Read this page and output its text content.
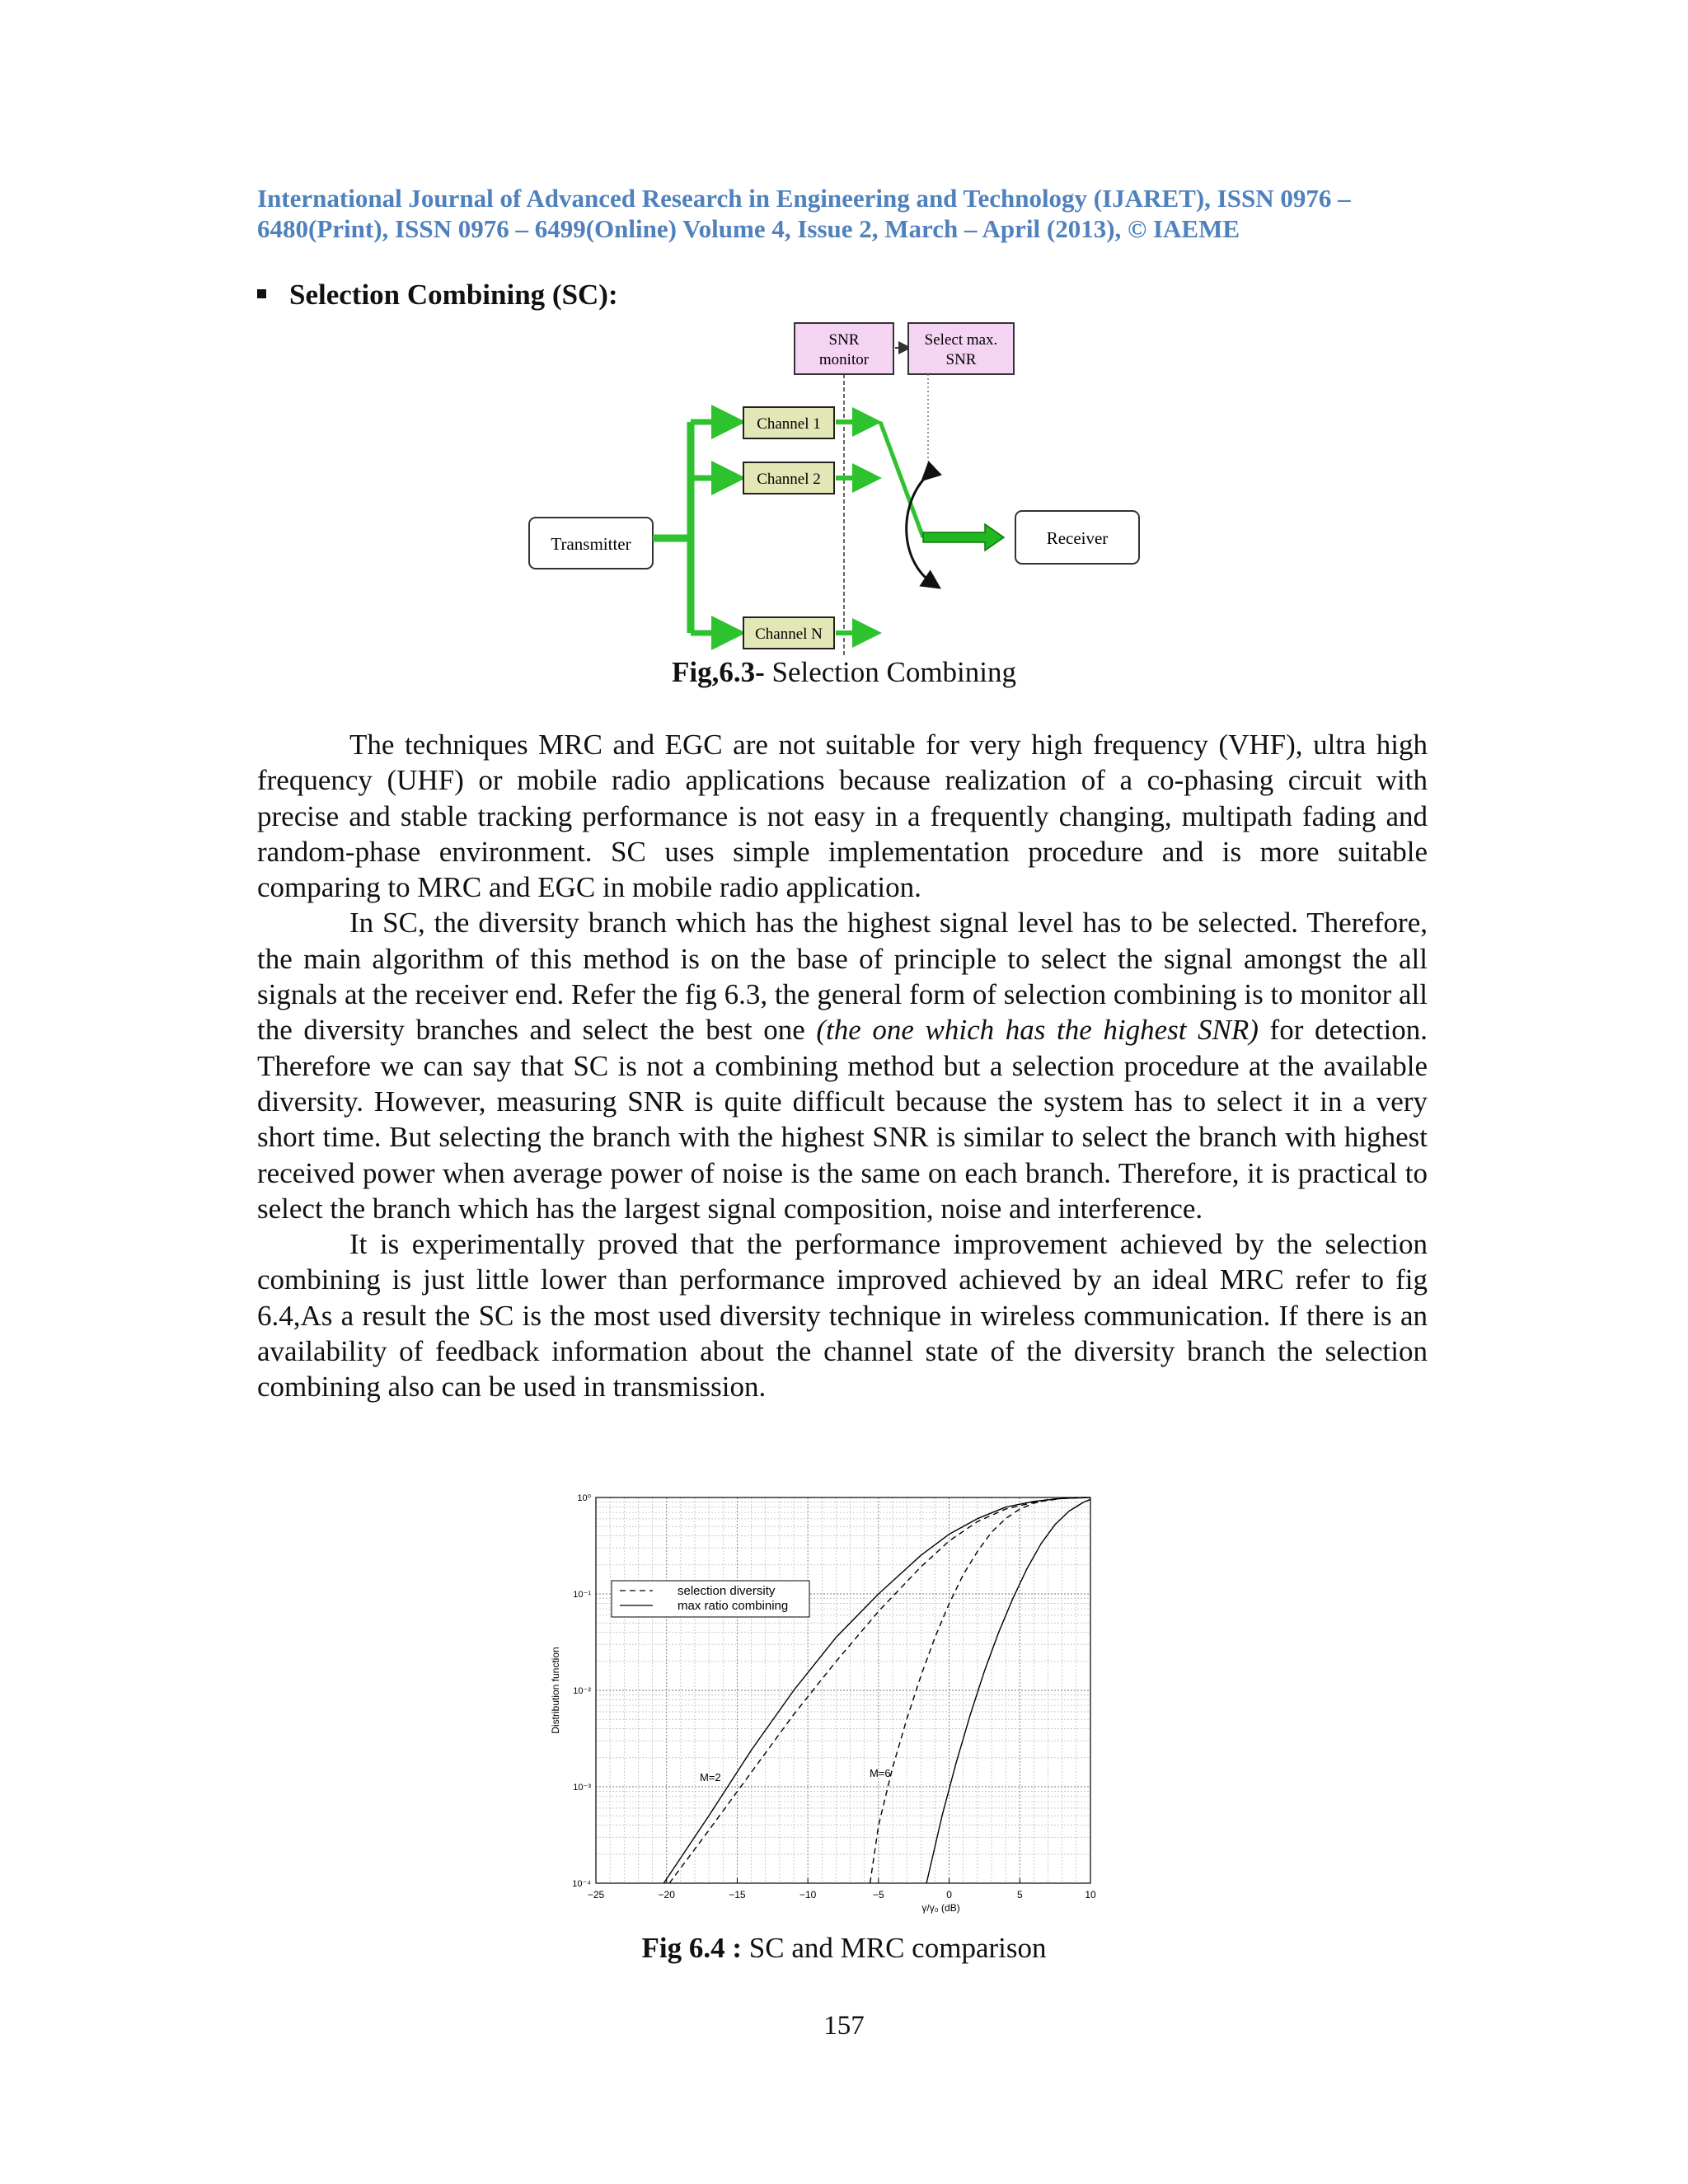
International Journal of Advanced Research in Engineering and Technology (IJARET), ISSN 0976 –
6480(Print), ISSN 0976 – 6499(Online) Volume 4, Issue 2, March – April (2013), © IAEME
Selection Combining (SC):
SNR
monitor
Select max.
SNR
Transmitter
Channel 1
Channel 2
Channel N
Receiver
Fig,6.3- Selection Combining

The techniques MRC and EGC are not suitable for very high frequency (VHF), ultra high frequency (UHF) or mobile radio applications because realization of a co-phasing circuit with precise and stable tracking performance is not easy in a frequently changing, multipath fading and random-phase environment. SC uses simple implementation procedure and is more suitable comparing to MRC and EGC in mobile radio application.

In SC, the diversity branch which has the highest signal level has to be selected. Therefore, the main algorithm of this method is on the base of principle to select the signal amongst the all signals at the receiver end. Refer the fig 6.3, the general form of selection combining is to monitor all the diversity branches and select the best one (the one which has the highest SNR) for detection. Therefore we can say that SC is not a combining method but a selection procedure at the available diversity. However, measuring SNR is quite difficult because the system has to select it in a very short time. But selecting the branch with the highest SNR is similar to select the branch with highest received power when average power of noise is the same on each branch. Therefore, it is practical to select the branch which has the largest signal composition, noise and interference.

It is experimentally proved that the performance improvement achieved by the selection combining is just little lower than performance improved achieved by an ideal MRC refer to fig 6.4,As a result the SC is the most used diversity technique in wireless communication. If there is an availability of feedback information about the channel state of the diversity branch the selection combining also can be used in transmission.

−25	−20	−15	−10	−5	0	5	10
10⁻⁴
10⁻³
10⁻²
10⁻¹
10⁰
Distribution function
γ/γ₀ (dB)
selection diversity
max ratio combining
M=2	M=6
Fig 6.4 : SC and MRC comparison
157
